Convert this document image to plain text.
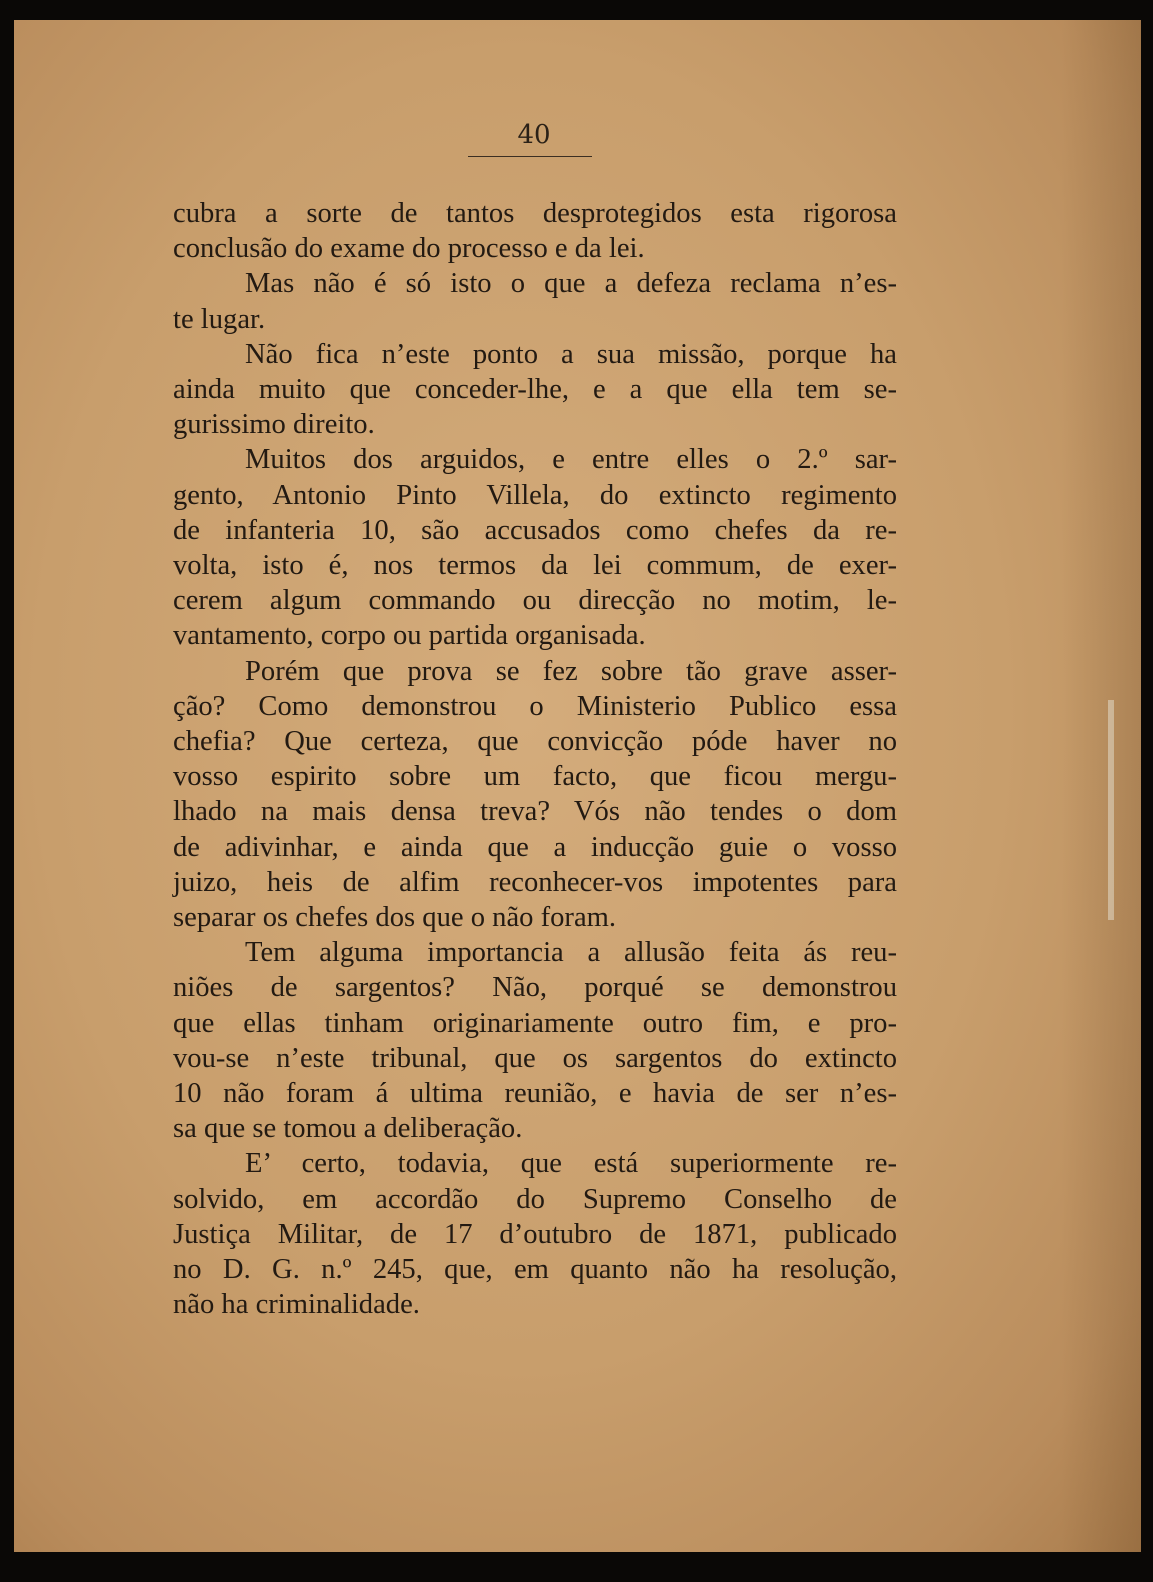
40
cubra a sorte de tantos desprotegidos esta rigorosa
conclusão do exame do processo e da lei.
Mas não é só isto o que a defeza reclama n’es-
te lugar.
Não fica n’este ponto a sua missão, porque ha
ainda muito que conceder-lhe, e a que ella tem se-
gurissimo direito.
Muitos dos arguidos, e entre elles o 2.º sar-
gento, Antonio Pinto Villela, do extincto regimento
de infanteria 10, são accusados como chefes da re-
volta, isto é, nos termos da lei commum, de exer-
cerem algum commando ou direcção no motim, le-
vantamento, corpo ou partida organisada.
Porém que prova se fez sobre tão grave asser-
ção? Como demonstrou o Ministerio Publico essa
chefia? Que certeza, que convicção póde haver no
vosso espirito sobre um facto, que ficou mergu-
lhado na mais densa treva? Vós não tendes o dom
de adivinhar, e ainda que a inducção guie o vosso
juizo, heis de alfim reconhecer-vos impotentes para
separar os chefes dos que o não foram.
Tem alguma importancia a allusão feita ás reu-
niões de sargentos? Não, porqué se demonstrou
que ellas tinham originariamente outro fim, e pro-
vou-se n’este tribunal, que os sargentos do extincto
10 não foram á ultima reunião, e havia de ser n’es-
sa que se tomou a deliberação.
E’ certo, todavia, que está superiormente re-
solvido, em accordão do Supremo Conselho de
Justiça Militar, de 17 d’outubro de 1871, publicado
no D. G. n.º 245, que, em quanto não ha resolução,
não ha criminalidade.
